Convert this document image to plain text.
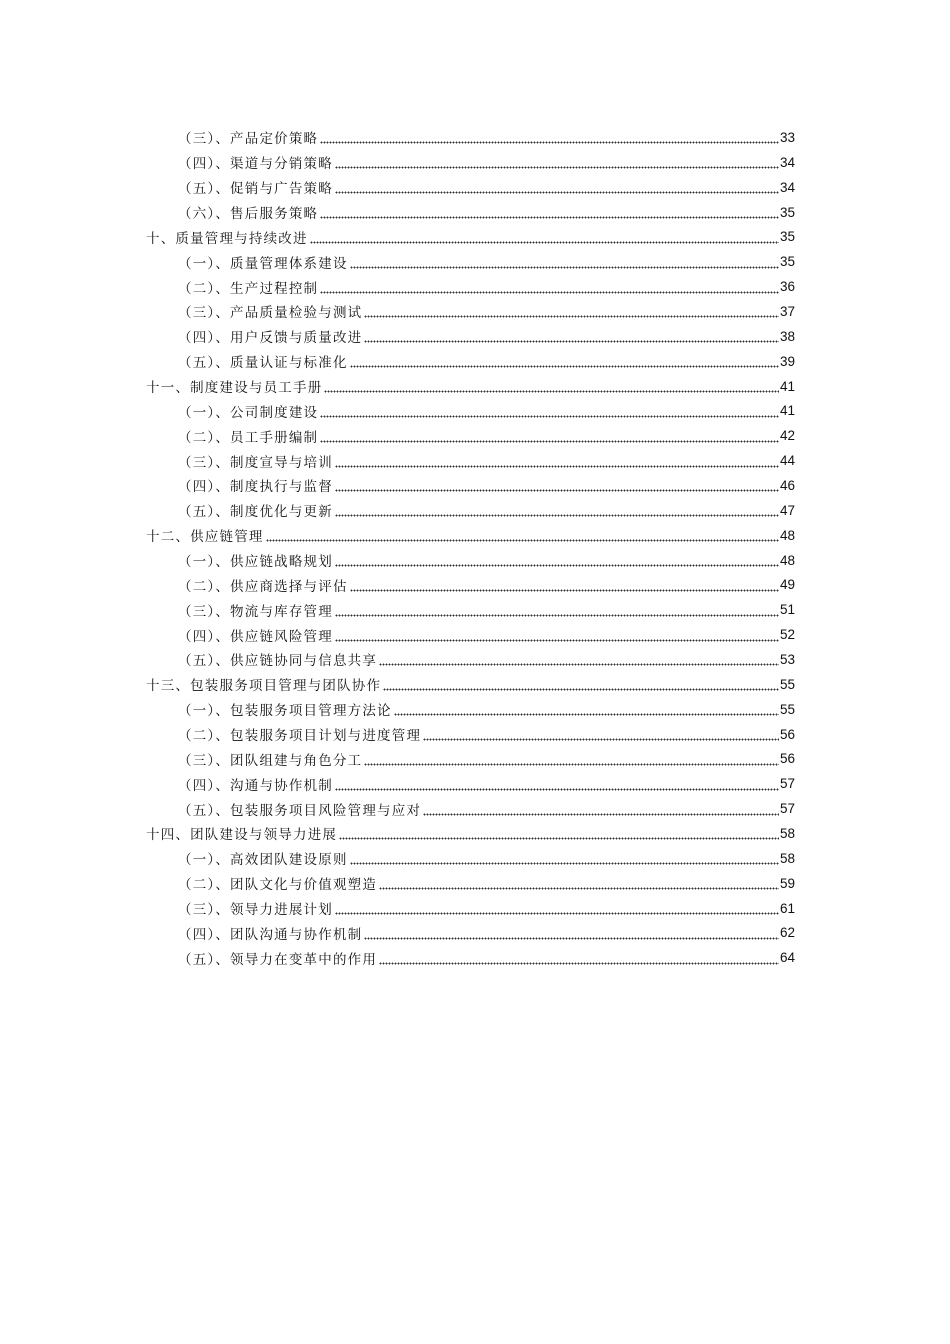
（三）、产品定价策略	33
（四）、渠道与分销策略	34
（五）、促销与广告策略	34
（六）、售后服务策略	35
十、质量管理与持续改进	35
（一）、质量管理体系建设	35
（二）、生产过程控制	36
（三）、产品质量检验与测试	37
（四）、用户反馈与质量改进	38
（五）、质量认证与标准化	39
十一、制度建设与员工手册	41
（一）、公司制度建设	41
（二）、员工手册编制	42
（三）、制度宣导与培训	44
（四）、制度执行与监督	46
（五）、制度优化与更新	47
十二、供应链管理	48
（一）、供应链战略规划	48
（二）、供应商选择与评估	49
（三）、物流与库存管理	51
（四）、供应链风险管理	52
（五）、供应链协同与信息共享	53
十三、包装服务项目管理与团队协作	55
（一）、包装服务项目管理方法论	55
（二）、包装服务项目计划与进度管理	56
（三）、团队组建与角色分工	56
（四）、沟通与协作机制	57
（五）、包装服务项目风险管理与应对	57
十四、团队建设与领导力进展	58
（一）、高效团队建设原则	58
（二）、团队文化与价值观塑造	59
（三）、领导力进展计划	61
（四）、团队沟通与协作机制	62
（五）、领导力在变革中的作用	64
